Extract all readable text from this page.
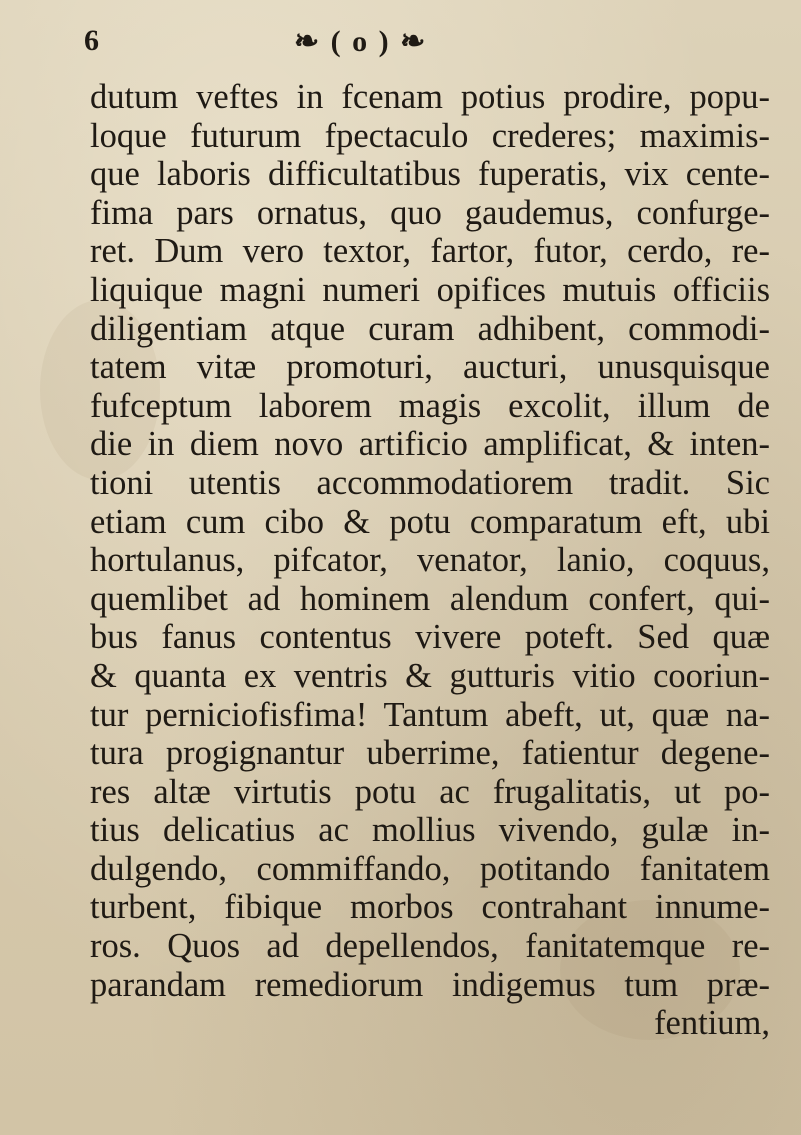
6	❧ ( o ) ❧
dutum veftes in fcenam potius prodire, popu-
loque futurum fpectaculo crederes; maximis-
que laboris difficultatibus fuperatis, vix cente-
fima pars ornatus, quo gaudemus, confurge-
ret. Dum vero textor, fartor, futor, cerdo, re-
liquique magni numeri opifices mutuis officiis
diligentiam atque curam adhibent, commodi-
tatem vitæ promoturi, aucturi, unusquisque
fufceptum laborem magis excolit, illum de
die in diem novo artificio amplificat, & inten-
tioni utentis accommodatiorem tradit. Sic
etiam cum cibo & potu comparatum eft, ubi
hortulanus, pifcator, venator, lanio, coquus,
quemlibet ad hominem alendum confert, qui-
bus fanus contentus vivere poteft. Sed quæ
& quanta ex ventris & gutturis vitio cooriun-
tur perniciofisfima! Tantum abeft, ut, quæ na-
tura progignantur uberrime, fatientur degene-
res altæ virtutis potu ac frugalitatis, ut po-
tius delicatius ac mollius vivendo, gulæ in-
dulgendo, commiffando, potitando fanitatem
turbent, fibique morbos contrahant innume-
ros. Quos ad depellendos, fanitatemque re-
parandam remediorum indigemus tum præ-
fentium,
